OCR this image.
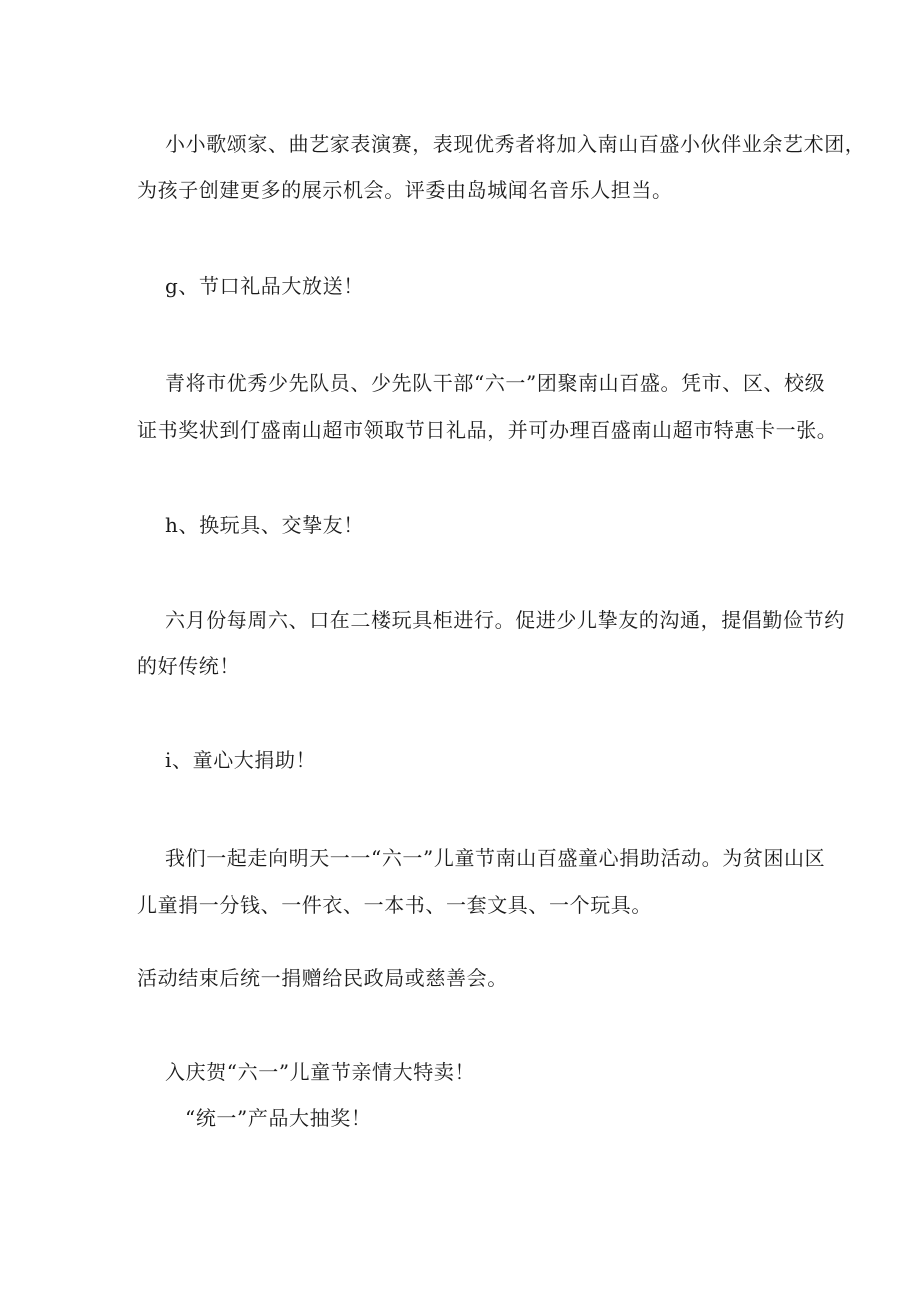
小小歌颂家、曲艺家表演赛，表现优秀者将加入南山百盛小伙伴业余艺术团，
为孩子创建更多的展示机会。评委由岛城闻名音乐人担当。
g、节口礼品大放送！
青将市优秀少先队员、少先队干部“六一”团聚南山百盛。凭市、区、校级
证书奖状到仃盛南山超市领取节日礼品，并可办理百盛南山超市特惠卡一张。
h、换玩具、交挚友！
六月份每周六、口在二楼玩具柜进行。促进少儿挚友的沟通，提倡勤俭节约
的好传统！
i、童心大捐助！
我们一起走向明天一一“六一”儿童节南山百盛童心捐助活动。为贫困山区
儿童捐一分钱、一件衣、一本书、一套文具、一个玩具。
活动结束后统一捐赠给民政局或慈善会。
入庆贺“六一”儿童节亲情大特卖！
“统一”产品大抽奖！
